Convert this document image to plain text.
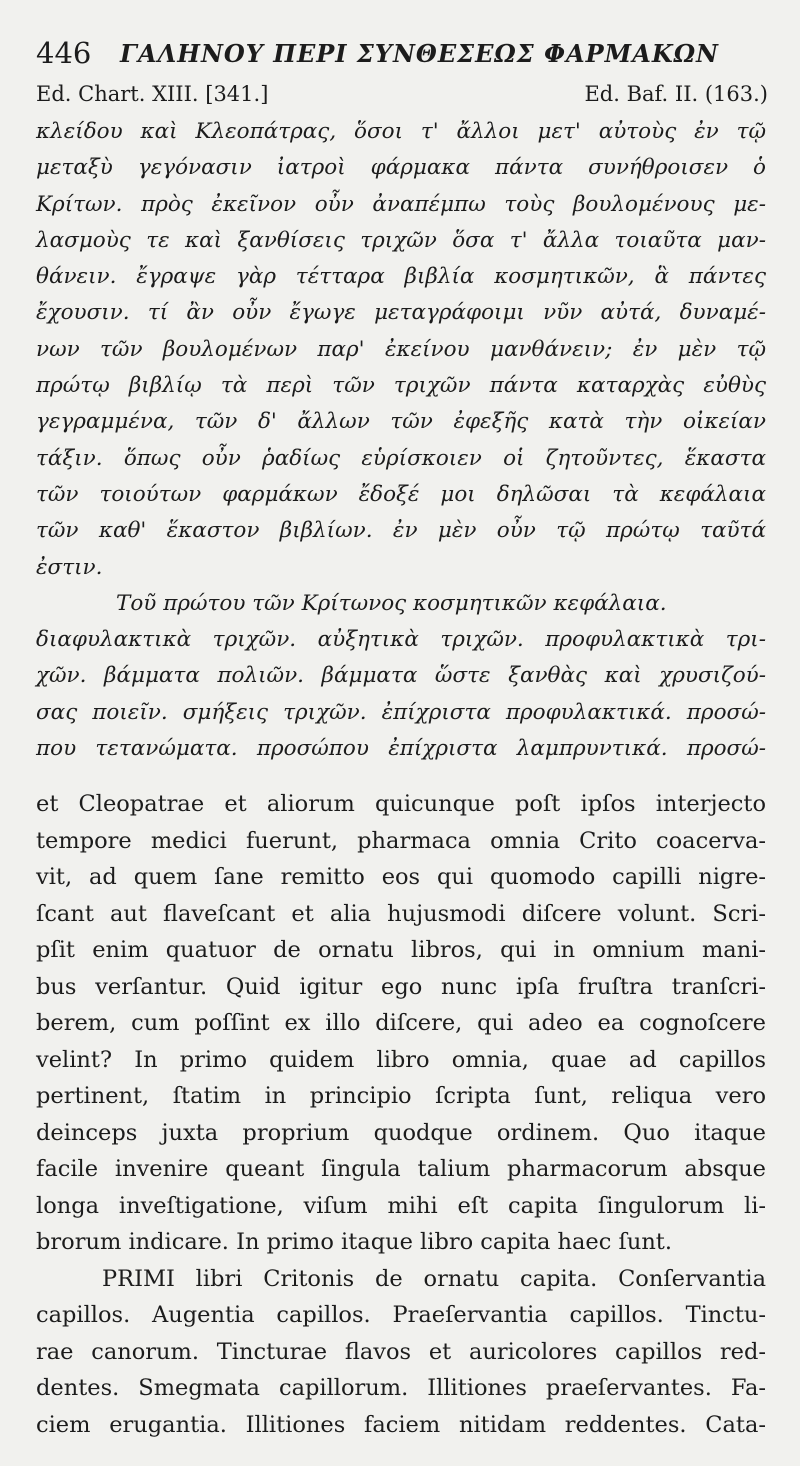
446 ΓΑΛΗΝΟΥ ΠΕΡΙ ΣΥΝΘΕΣΕΩΣ ΦΑΡΜΑΚΩΝ
Ed. Chart. XIII. [341.]	Ed. Baf. II. (163.)
κλείδου καὶ Κλεοπάτρας, ὅσοι τ' ἄλλοι μετ' αὐτοὺς ἐν τῷ
μεταξὺ γεγόνασιν ἰατροὶ φάρμακα πάντα συνήθροισεν ὁ
Κρίτων. πρὸς ἐκεῖνον οὖν ἀναπέμπω τοὺς βουλομένους με-
λασμοὺς τε καὶ ξανθίσεις τριχῶν ὅσα τ' ἄλλα τοιαῦτα μαν-
θάνειν. ἔγραψε γὰρ τέτταρα βιβλία κοσμητικῶν, ἃ πάντες
ἔχουσιν. τί ἂν οὖν ἔγωγε μεταγράφοιμι νῦν αὐτά, δυναμέ-
νων τῶν βουλομένων παρ' ἐκείνου μανθάνειν; ἐν μὲν τῷ
πρώτῳ βιβλίῳ τὰ περὶ τῶν τριχῶν πάντα καταρχὰς εὐθὺς
γεγραμμένα, τῶν δ' ἄλλων τῶν ἐφεξῆς κατὰ τὴν οἰκείαν
τάξιν. ὅπως οὖν ῥαδίως εὑρίσκοιεν οἱ ζητοῦντες, ἕκαστα
τῶν τοιούτων φαρμάκων ἔδοξέ μοι δηλῶσαι τὰ κεφάλαια
τῶν καθ' ἕκαστον βιβλίων. ἐν μὲν οὖν τῷ πρώτῳ ταῦτά
ἐστιν.
Τοῦ πρώτου τῶν Κρίτωνος κοσμητικῶν κεφάλαια.
διαφυλακτικὰ τριχῶν. αὐξητικὰ τριχῶν. προφυλακτικὰ τρι-
χῶν. βάμματα πολιῶν. βάμματα ὥστε ξανθὰς καὶ χρυσιζού-
σας ποιεῖν. σμήξεις τριχῶν. ἐπίχριστα προφυλακτικά. προσώ-
που τετανώματα. προσώπου ἐπίχριστα λαμπρυντικά. προσώ-
et Cleopatrae et aliorum quicunque poſt ipſos interjecto
tempore medici fuerunt, pharmaca omnia Crito coacerva-
vit, ad quem ſane remitto eos qui quomodo capilli nigre-
ſcant aut flaveſcant et alia hujusmodi diſcere volunt. Scri-
pſit enim quatuor de ornatu libros, qui in omnium mani-
bus verſantur. Quid igitur ego nunc ipſa fruſtra tranſcri-
berem, cum poſſint ex illo diſcere, qui adeo ea cognoſcere
velint? In primo quidem libro omnia, quae ad capillos
pertinent, ſtatim in principio ſcripta ſunt, reliqua vero
deinceps juxta proprium quodque ordinem. Quo itaque
facile invenire queant ſingula talium pharmacorum absque
longa inveſtigatione, viſum mihi eſt capita ſingulorum li-
brorum indicare. In primo itaque libro capita haec ſunt.
PRIMI libri Critonis de ornatu capita. Conſervantia
capillos. Augentia capillos. Praeſervantia capillos. Tinctu-
rae canorum. Tincturae flavos et auricolores capillos red-
dentes. Smegmata capillorum. Illitiones praeſervantes. Fa-
ciem erugantia. Illitiones faciem nitidam reddentes. Cata-
